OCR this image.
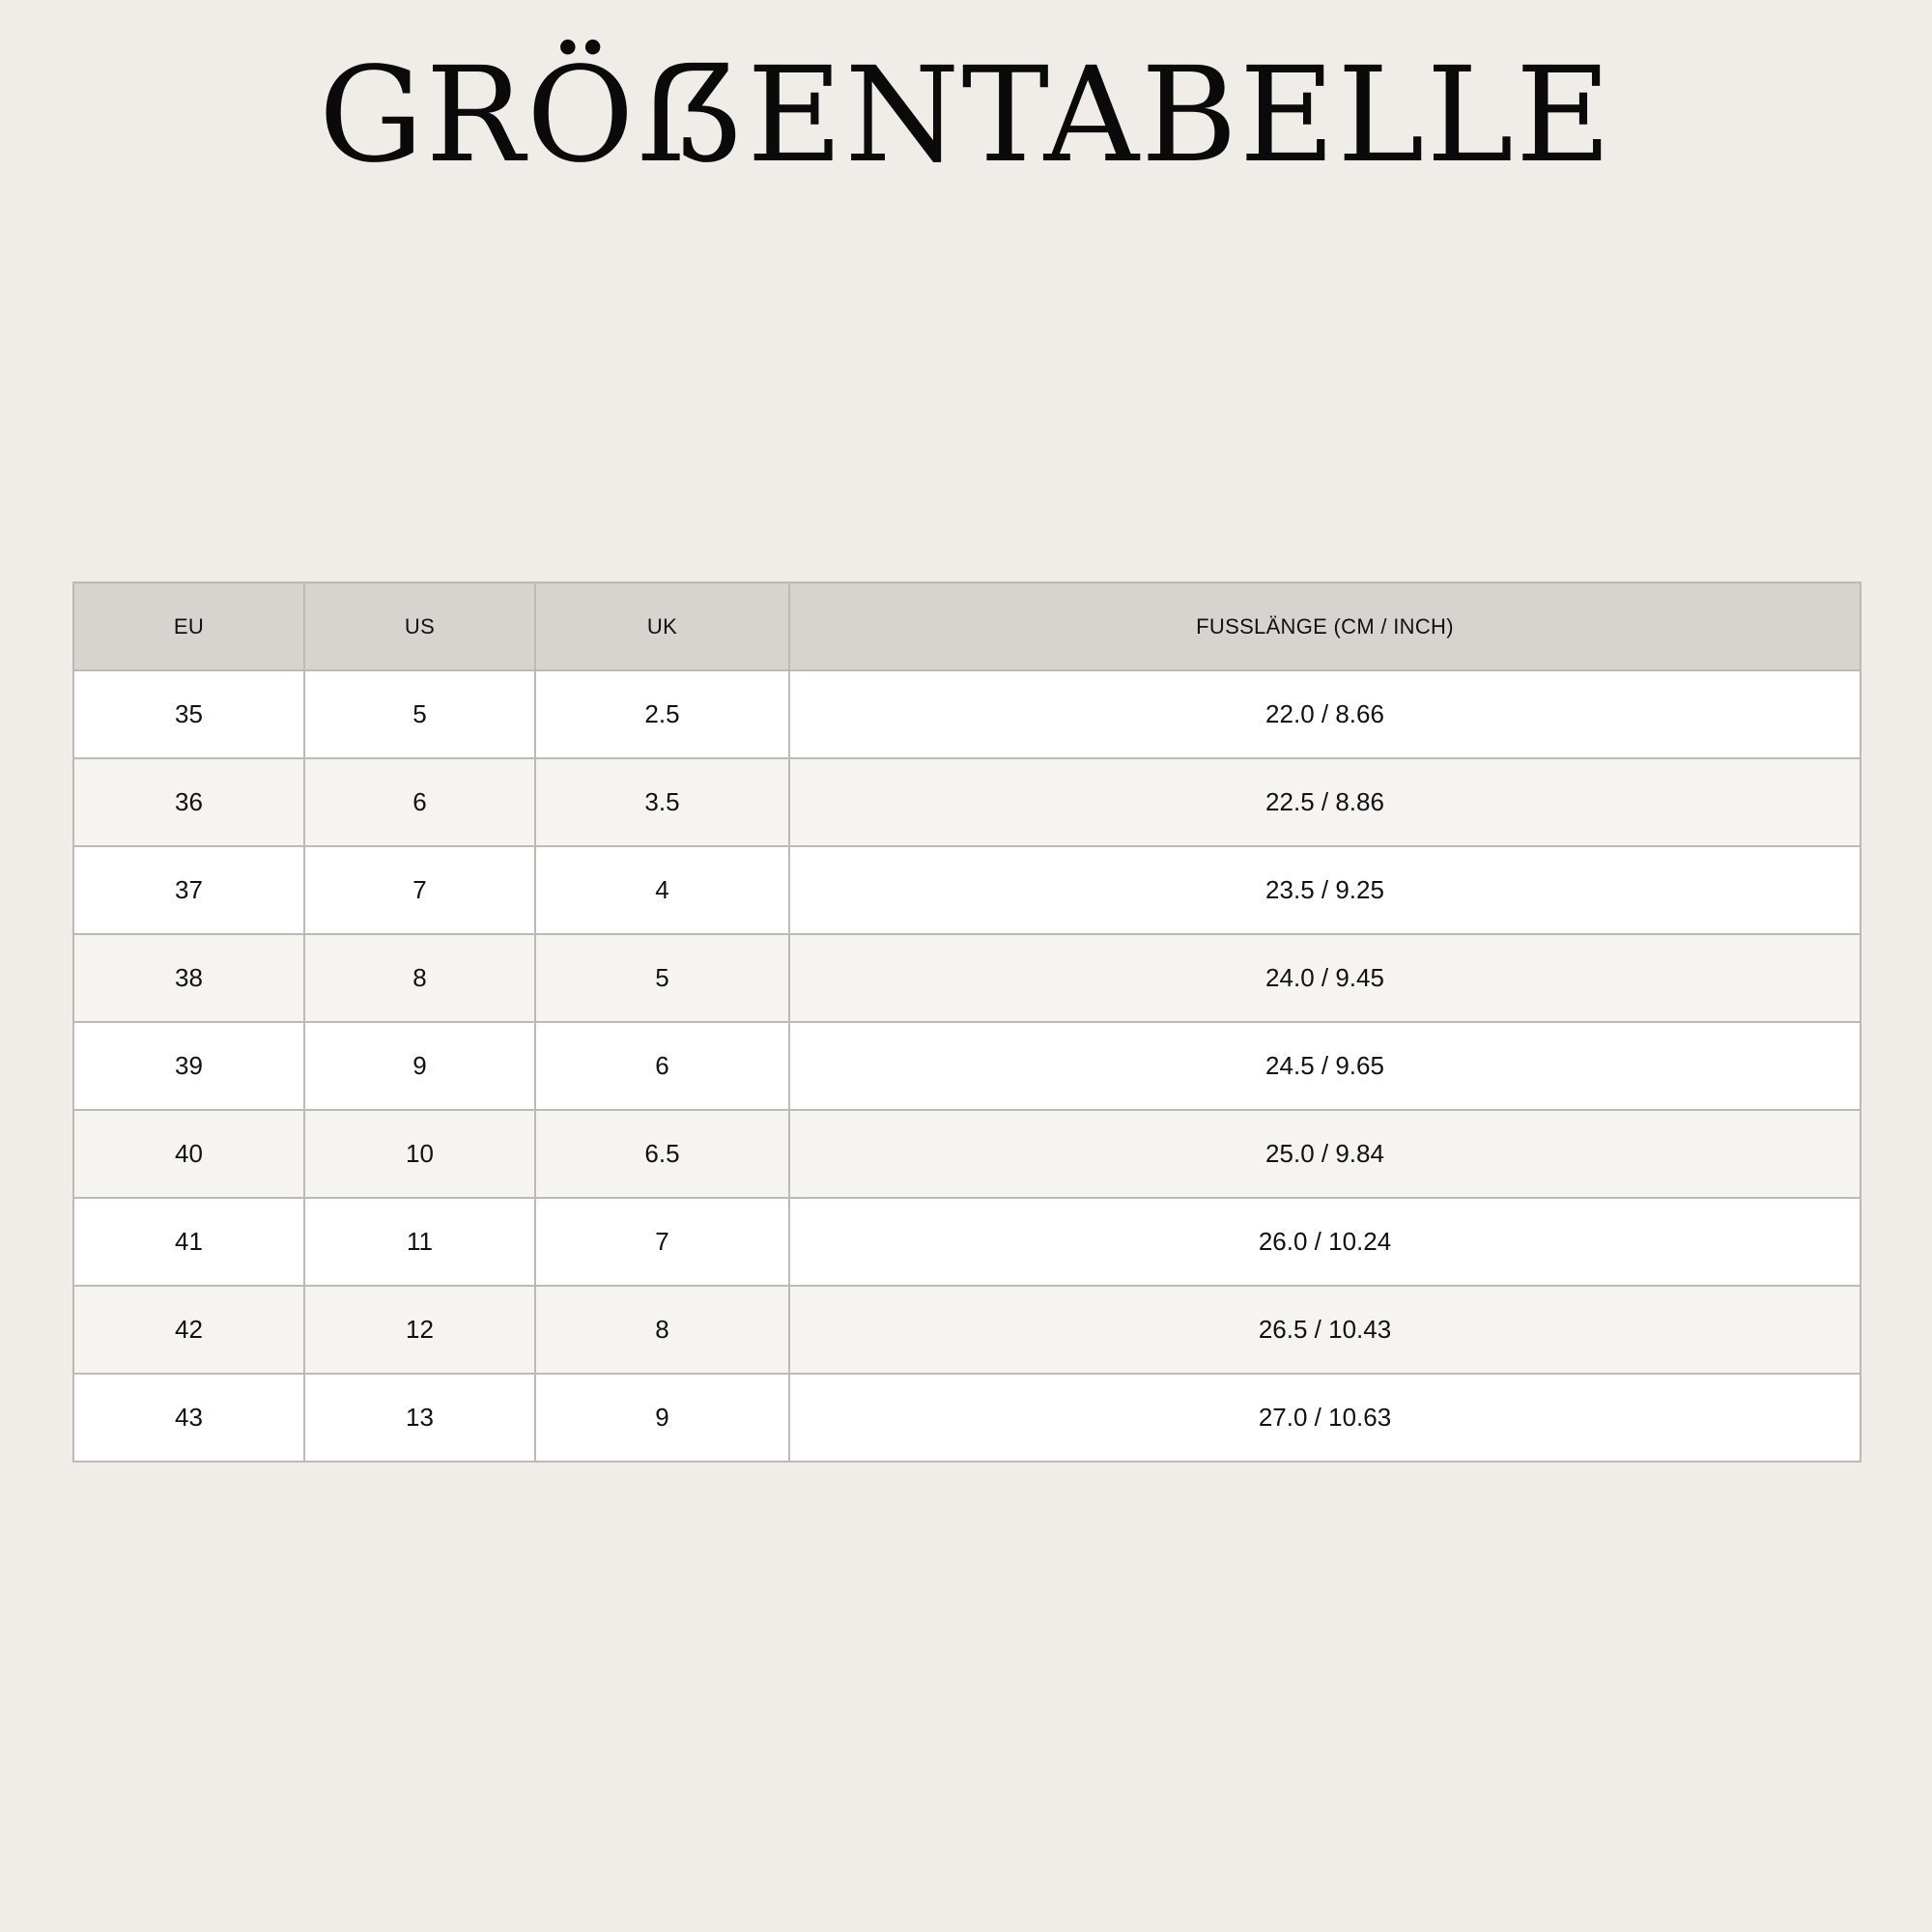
GRÖẞENTABELLE
EU	US	UK	FUSSLÄNGE (CM / INCH)
35	5	2.5	22.0 / 8.66
36	6	3.5	22.5 / 8.86
37	7	4	23.5 / 9.25
38	8	5	24.0 / 9.45
39	9	6	24.5 / 9.65
40	10	6.5	25.0 / 9.84
41	11	7	26.0 / 10.24
42	12	8	26.5 / 10.43
43	13	9	27.0 / 10.63
